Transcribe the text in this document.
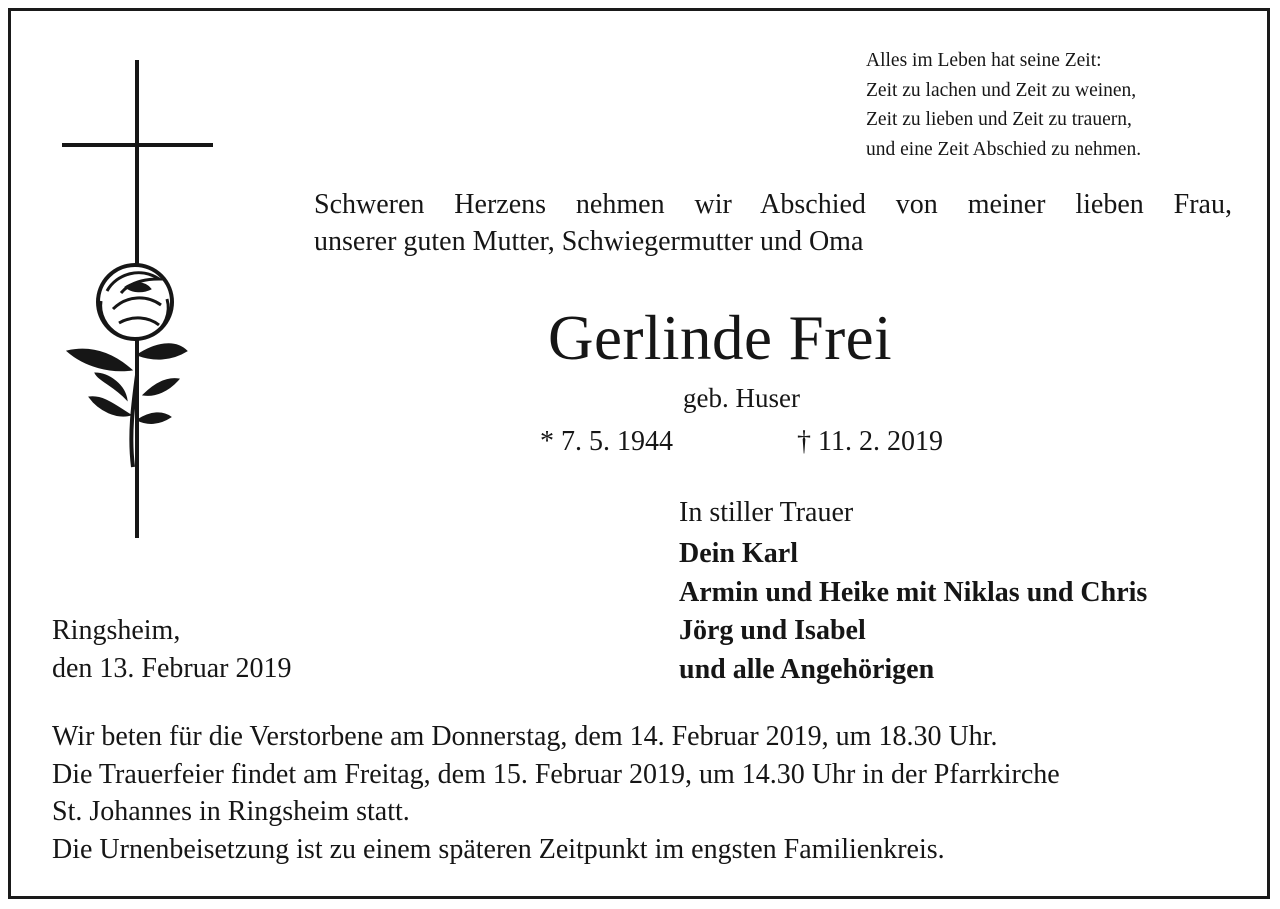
Alles im Leben hat seine Zeit:
Zeit zu lachen und Zeit zu weinen,
Zeit zu lieben und Zeit zu trauern,
und eine Zeit Abschied zu nehmen.
Schweren Herzens nehmen wir Abschied von meiner lieben Frau,
unserer guten Mutter, Schwiegermutter und Oma
Gerlinde Frei
geb. Huser
* 7. 5. 1944	† 11. 2. 2019
In stiller Trauer
Dein Karl
Armin und Heike mit Niklas und Chris
Jörg und Isabel
und alle Angehörigen
Ringsheim,
den 13. Februar 2019
Wir beten für die Verstorbene am Donnerstag, dem 14. Februar 2019, um 18.30 Uhr.
Die Trauerfeier findet am Freitag, dem 15. Februar 2019, um 14.30 Uhr in der Pfarrkirche
St. Johannes in Ringsheim statt.
Die Urnenbeisetzung ist zu einem späteren Zeitpunkt im engsten Familienkreis.
